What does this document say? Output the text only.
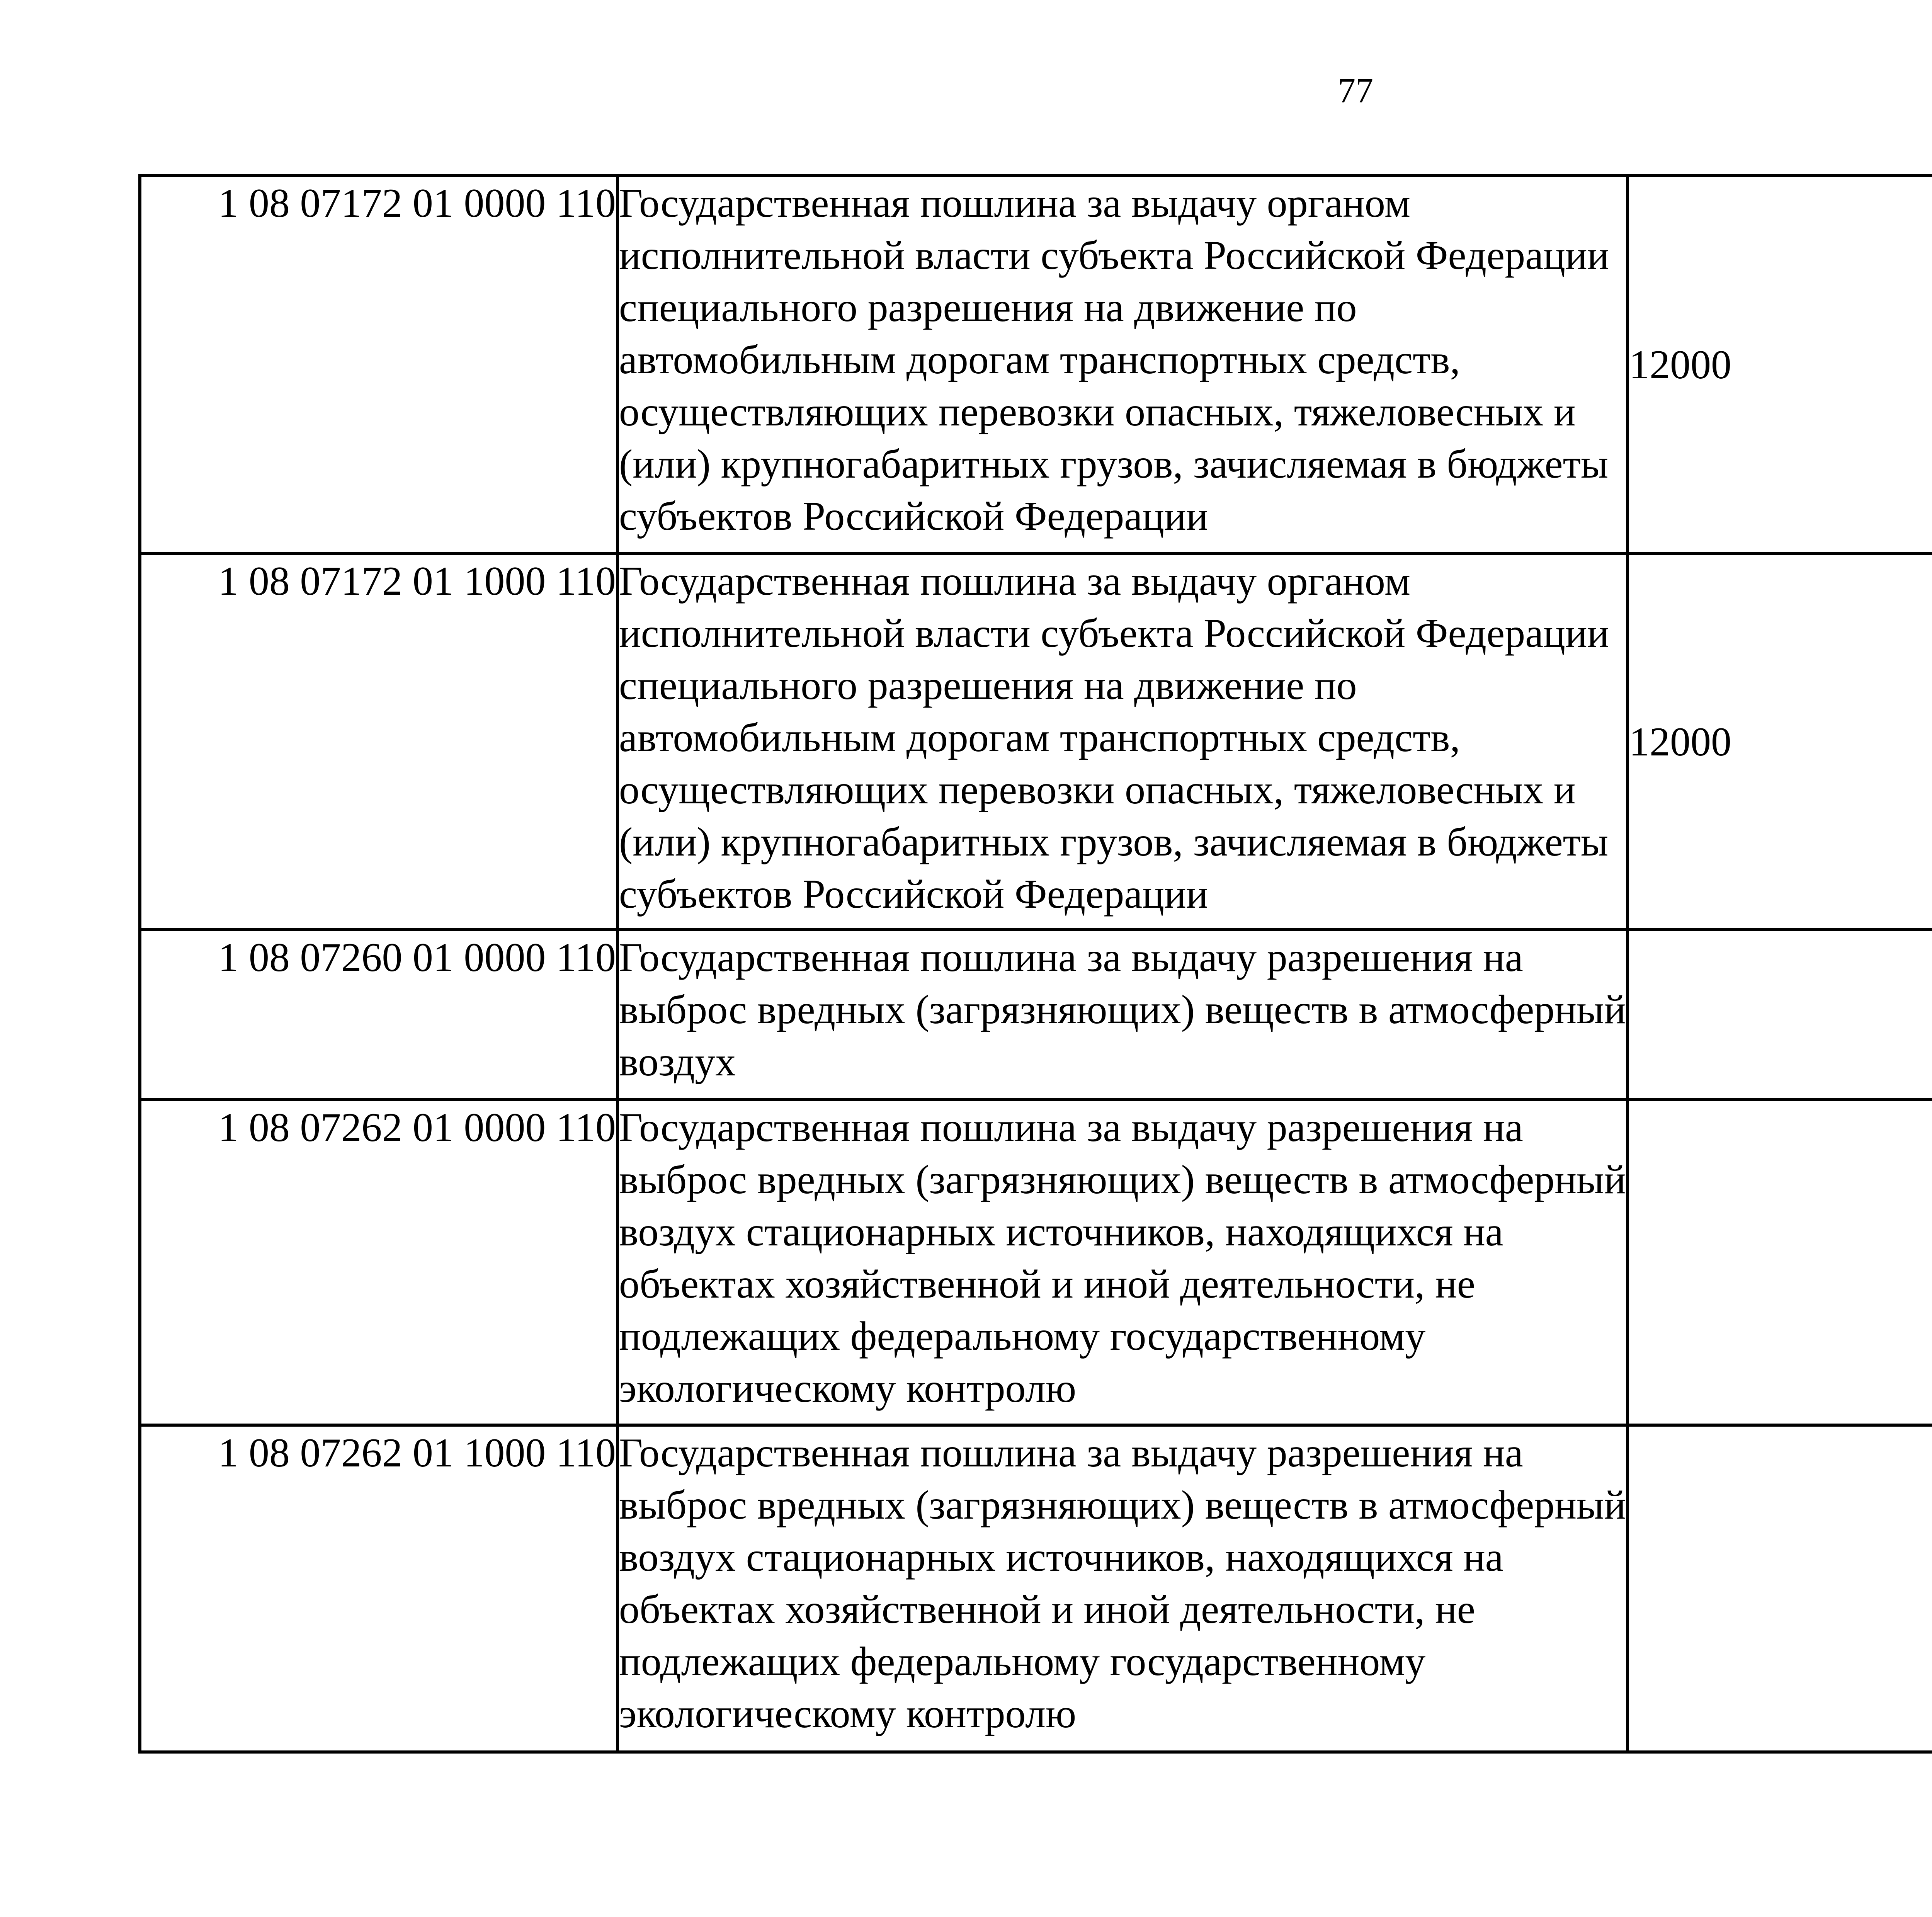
77
1 08 07172 01 0000 110	Государственная пошлина за выдачу органом исполнительной власти субъекта Российской Федерации специального разрешения на движение по автомобильным дорогам транспортных средств, осуществляющих перевозки опасных, тяжеловесных и (или) крупногабаритных грузов, зачисляемая в бюджеты субъектов Российской Федерации	12000		
1 08 07172 01 1000 110	Государственная пошлина за выдачу органом исполнительной власти субъекта Российской Федерации специального разрешения на движение по автомобильным дорогам транспортных средств, осуществляющих перевозки опасных, тяжеловесных и (или) крупногабаритных грузов, зачисляемая в бюджеты субъектов Российской Федерации	12000		
1 08 07260 01 0000 110	Государственная пошлина за выдачу разрешения на выброс вредных (загрязняющих) веществ в атмосферный воздух			
1 08 07262 01 0000 110	Государственная пошлина за выдачу разрешения на выброс вредных (загрязняющих) веществ в атмосферный воздух стационарных источников, находящихся на объектах хозяйственной и иной деятельности, не подлежащих федеральному государственному экологическому контролю			
1 08 07262 01 1000 110	Государственная пошлина за выдачу разрешения на выброс вредных (загрязняющих) веществ в атмосферный воздух стационарных источников, находящихся на объектах хозяйственной и иной деятельности, не подлежащих федеральному государственному экологическому контролю			
